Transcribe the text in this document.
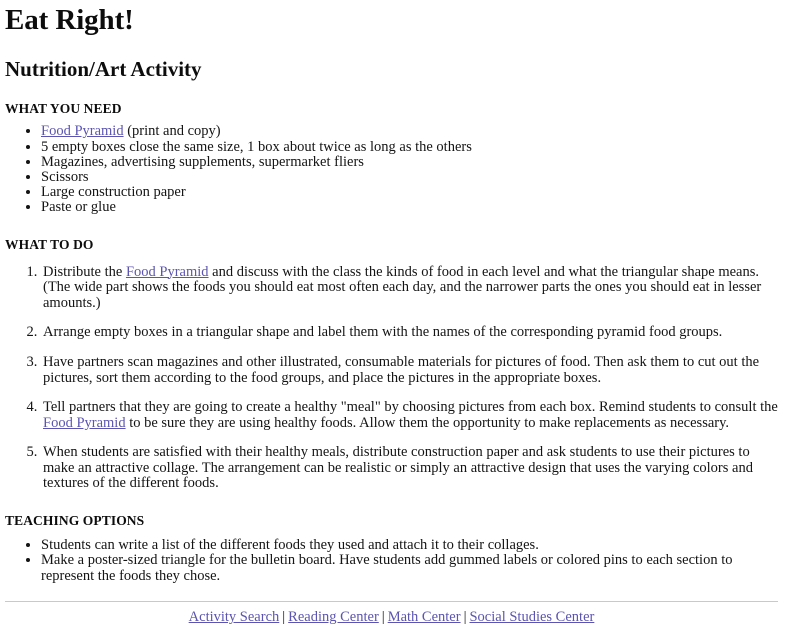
Eat Right!
Nutrition/Art Activity
WHAT YOU NEED
• Food Pyramid (print and copy)
• 5 empty boxes close the same size, 1 box about twice as long as the others
• Magazines, advertising supplements, supermarket fliers
• Scissors
• Large construction paper
• Paste or glue
WHAT TO DO
1. Distribute the Food Pyramid and discuss with the class the kinds of food in each level and what the triangular shape means. (The wide part shows the foods you should eat most often each day, and the narrower parts the ones you should eat in lesser amounts.)
2. Arrange empty boxes in a triangular shape and label them with the names of the corresponding pyramid food groups.
3. Have partners scan magazines and other illustrated, consumable materials for pictures of food. Then ask them to cut out the pictures, sort them according to the food groups, and place the pictures in the appropriate boxes.
4. Tell partners that they are going to create a healthy "meal" by choosing pictures from each box. Remind students to consult the Food Pyramid to be sure they are using healthy foods. Allow them the opportunity to make replacements as necessary.
5. When students are satisfied with their healthy meals, distribute construction paper and ask students to use their pictures to make an attractive collage. The arrangement can be realistic or simply an attractive design that uses the varying colors and textures of the different foods.
TEACHING OPTIONS
• Students can write a list of the different foods they used and attach it to their collages.
• Make a poster-sized triangle for the bulletin board. Have students add gummed labels or colored pins to each section to represent the foods they chose.
Activity Search | Reading Center | Math Center | Social Studies Center
